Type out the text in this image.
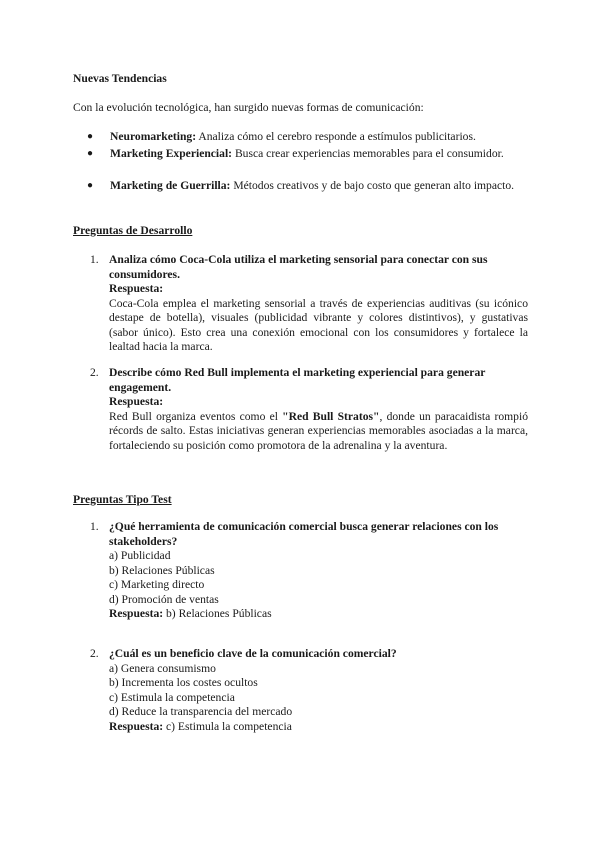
Nuevas Tendencias
Con la evolución tecnológica, han surgido nuevas formas de comunicación:
● Neuromarketing: Analiza cómo el cerebro responde a estímulos publicitarios.
● Marketing Experiencial: Busca crear experiencias memorables para el consumidor.
● Marketing de Guerrilla: Métodos creativos y de bajo costo que generan alto impacto.
Preguntas de Desarrollo
1. Analiza cómo Coca-Cola utiliza el marketing sensorial para conectar con sus consumidores.
Respuesta:
Coca-Cola emplea el marketing sensorial a través de experiencias auditivas (su icónico destape de botella), visuales (publicidad vibrante y colores distintivos), y gustativas (sabor único). Esto crea una conexión emocional con los consumidores y fortalece la lealtad hacia la marca.
2. Describe cómo Red Bull implementa el marketing experiencial para generar engagement.
Respuesta:
Red Bull organiza eventos como el "Red Bull Stratos", donde un paracaidista rompió récords de salto. Estas iniciativas generan experiencias memorables asociadas a la marca, fortaleciendo su posición como promotora de la adrenalina y la aventura.
Preguntas Tipo Test
1. ¿Qué herramienta de comunicación comercial busca generar relaciones con los stakeholders?
a) Publicidad
b) Relaciones Públicas
c) Marketing directo
d) Promoción de ventas
Respuesta: b) Relaciones Públicas
2. ¿Cuál es un beneficio clave de la comunicación comercial?
a) Genera consumismo
b) Incrementa los costes ocultos
c) Estimula la competencia
d) Reduce la transparencia del mercado
Respuesta: c) Estimula la competencia
